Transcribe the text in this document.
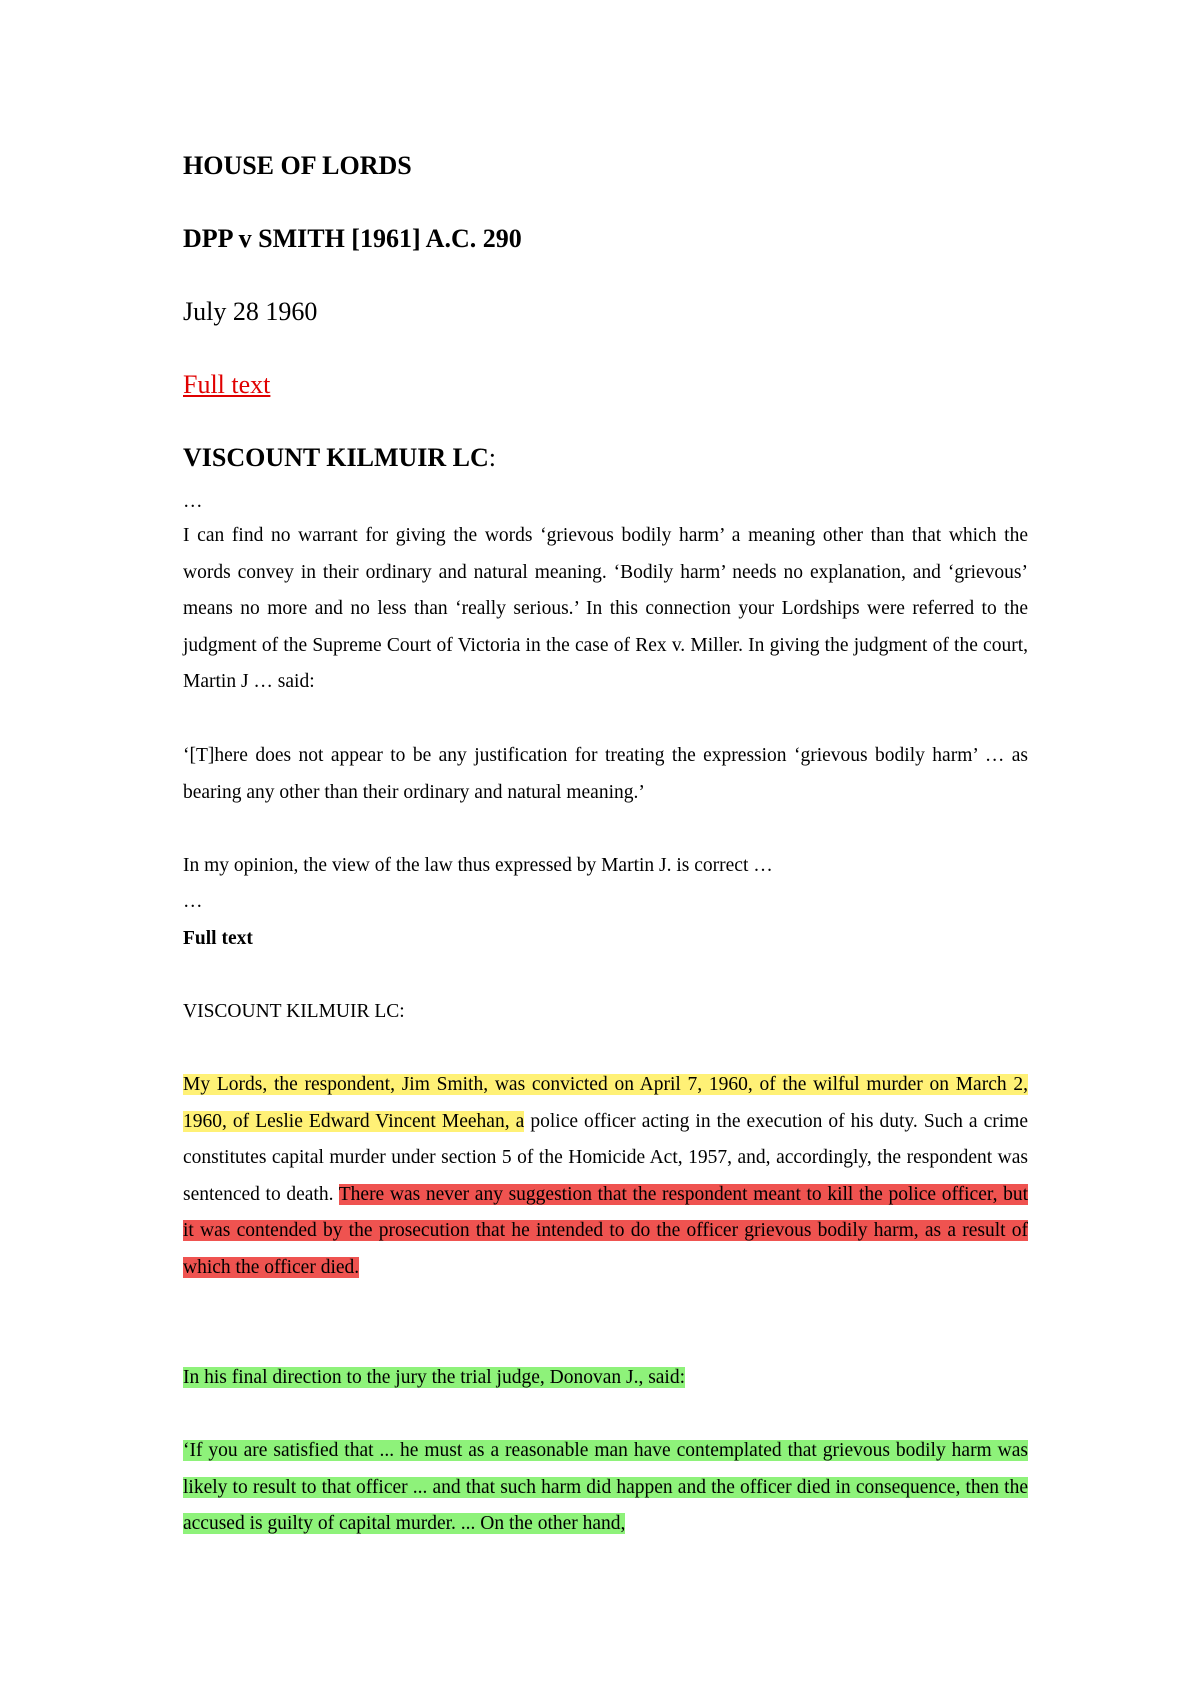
HOUSE OF LORDS
DPP v SMITH [1961] A.C. 290
July 28 1960
Full text
VISCOUNT KILMUIR LC:
…
I can find no warrant for giving the words ‘grievous bodily harm’ a meaning other than that which the words convey in their ordinary and natural meaning. ‘Bodily harm’ needs no explanation, and ‘grievous’ means no more and no less than ‘really serious.’ In this connection your Lordships were referred to the judgment of the Supreme Court of Victoria in the case of Rex v. Miller. In giving the judgment of the court, Martin J … said:
‘[T]here does not appear to be any justification for treating the expression ‘grievous bodily harm’ … as bearing any other than their ordinary and natural meaning.’
In my opinion, the view of the law thus expressed by Martin J. is correct …
…
Full text
VISCOUNT KILMUIR LC:
My Lords, the respondent, Jim Smith, was convicted on April 7, 1960, of the wilful murder on March 2, 1960, of Leslie Edward Vincent Meehan, a police officer acting in the execution of his duty. Such a crime constitutes capital murder under section 5 of the Homicide Act, 1957, and, accordingly, the respondent was sentenced to death. There was never any suggestion that the respondent meant to kill the police officer, but it was contended by the prosecution that he intended to do the officer grievous bodily harm, as a result of which the officer died.
In his final direction to the jury the trial judge, Donovan J., said:
‘If you are satisfied that ... he must as a reasonable man have contemplated that grievous bodily harm was likely to result to that officer ... and that such harm did happen and the officer died in consequence, then the accused is guilty of capital murder. ... On the other hand,
